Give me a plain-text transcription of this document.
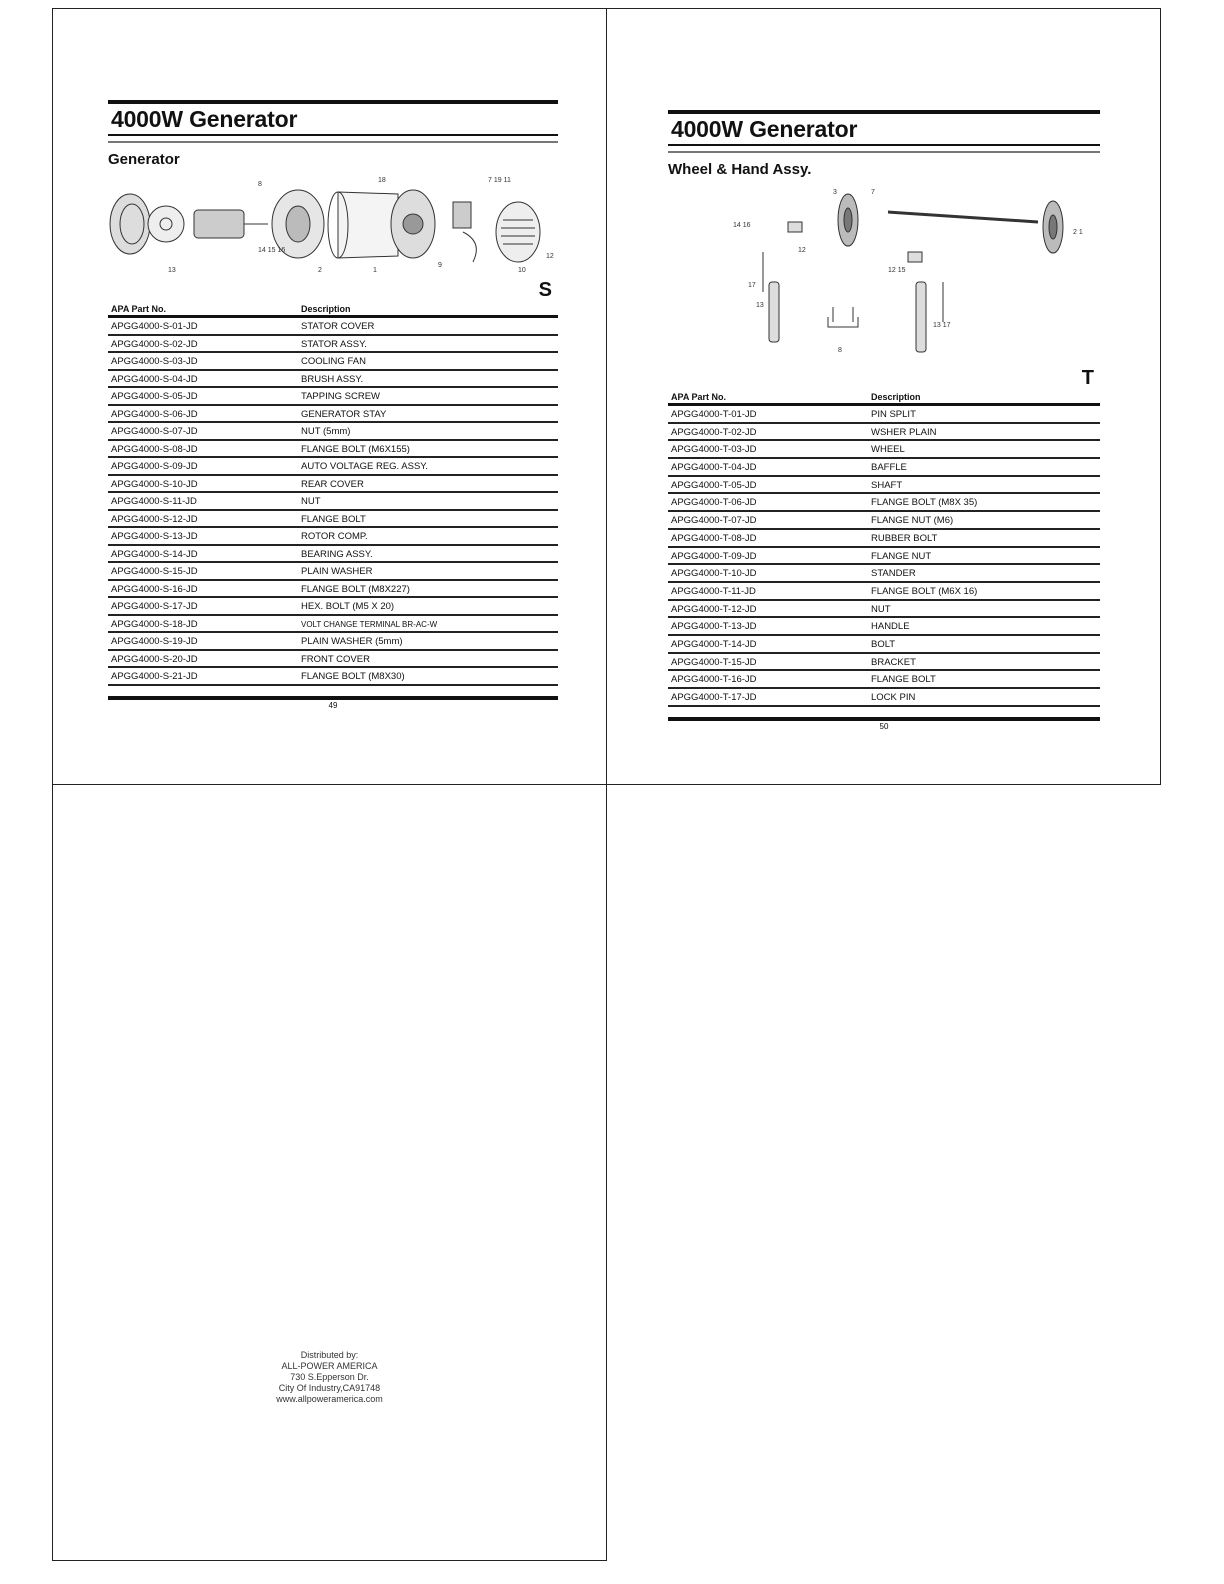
4000W Generator
Generator
8
18	7 19 11
13
14 15 16
2	1
9
10
12
S
APA Part No.	Description
APGG4000-S-01-JD	STATOR COVER
APGG4000-S-02-JD	STATOR ASSY.
APGG4000-S-03-JD	COOLING FAN
APGG4000-S-04-JD	BRUSH ASSY.
APGG4000-S-05-JD	TAPPING SCREW
APGG4000-S-06-JD	GENERATOR STAY
APGG4000-S-07-JD	NUT (5mm)
APGG4000-S-08-JD	FLANGE BOLT (M6X155)
APGG4000-S-09-JD	AUTO VOLTAGE REG. ASSY.
APGG4000-S-10-JD	REAR COVER
APGG4000-S-11-JD	NUT
APGG4000-S-12-JD	FLANGE BOLT
APGG4000-S-13-JD	ROTOR COMP.
APGG4000-S-14-JD	BEARING ASSY.
APGG4000-S-15-JD	PLAIN WASHER
APGG4000-S-16-JD	FLANGE BOLT (M8X227)
APGG4000-S-17-JD	HEX. BOLT (M5 X 20)
APGG4000-S-18-JD	VOLT CHANGE TERMINAL BR-AC-W
APGG4000-S-19-JD	PLAIN WASHER (5mm)
APGG4000-S-20-JD	FRONT COVER
APGG4000-S-21-JD	FLANGE BOLT (M8X30)
49
4000W Generator
Wheel & Hand Assy.
3	7
14 16
12
12 15
17
13
8
13 17
2 1
T
APA Part No.	Description
APGG4000-T-01-JD	PIN SPLIT
APGG4000-T-02-JD	WSHER PLAIN
APGG4000-T-03-JD	WHEEL
APGG4000-T-04-JD	BAFFLE
APGG4000-T-05-JD	SHAFT
APGG4000-T-06-JD	FLANGE BOLT (M8X 35)
APGG4000-T-07-JD	FLANGE NUT (M6)
APGG4000-T-08-JD	RUBBER BOLT
APGG4000-T-09-JD	FLANGE NUT
APGG4000-T-10-JD	STANDER
APGG4000-T-11-JD	FLANGE BOLT (M6X 16)
APGG4000-T-12-JD	NUT
APGG4000-T-13-JD	HANDLE
APGG4000-T-14-JD	BOLT
APGG4000-T-15-JD	BRACKET
APGG4000-T-16-JD	FLANGE BOLT
APGG4000-T-17-JD	LOCK PIN
50
Distributed by:
ALL-POWER AMERICA
730 S.Epperson Dr.
City Of Industry,CA91748
www.allpoweramerica.com
